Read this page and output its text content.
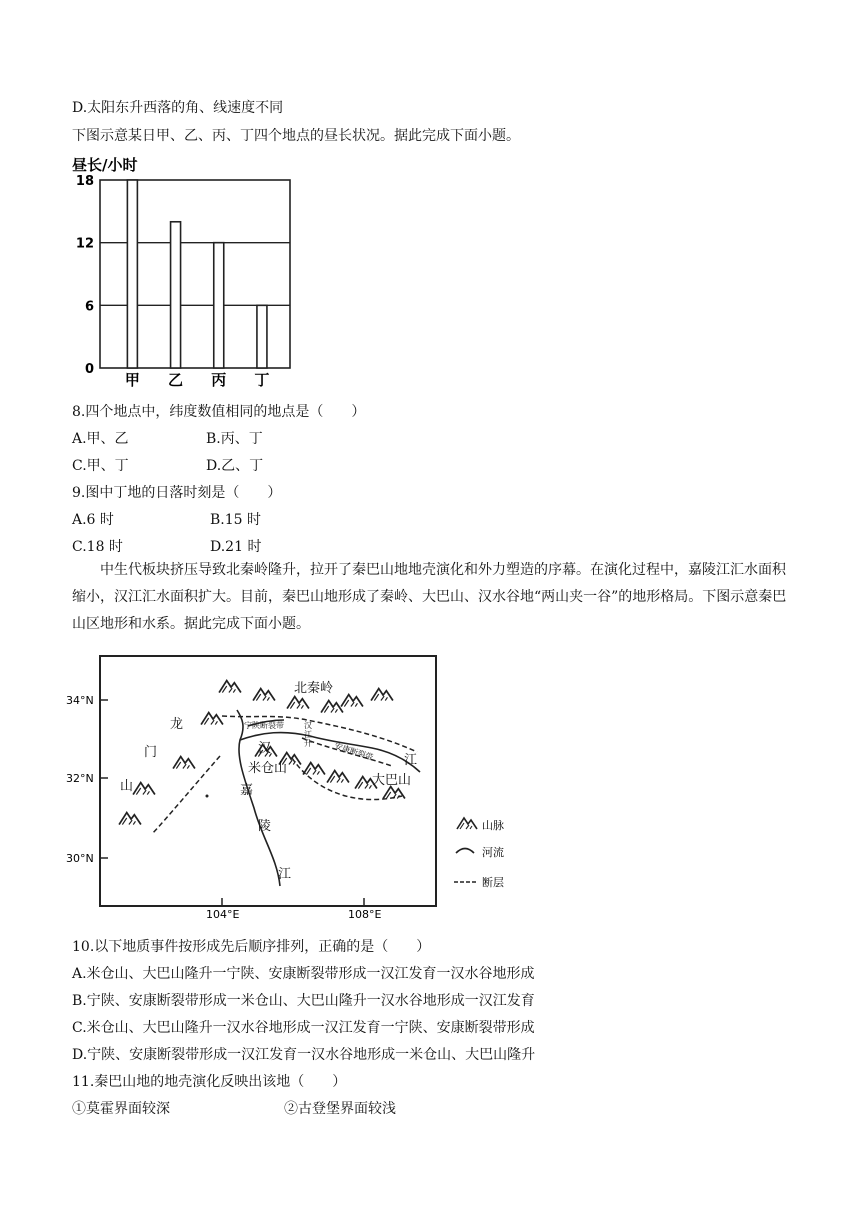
D.太阳东升西落的角、线速度不同
下图示意某日甲、乙、丙、丁四个地点的昼长状况。据此完成下面小题。
0
6
12
18
昼长/小时
甲 乙 丙 丁
8.四个地点中，纬度数值相同的地点是（　　）
A.甲、乙	B.丙、丁
C.甲、丁	D.乙、丁
9.图中丁地的日落时刻是（　　）
A.6 时	B.15 时
C.18 时	D.21 时
中生代板块挤压导致北秦岭隆升，拉开了秦巴山地地壳演化和外力塑造的序幕。在演化过程中，嘉陵江汇水面积缩小，汉江汇水面积扩大。目前，秦巴山地形成了秦岭、大巴山、汉水谷地“两山夹一谷”的地形格局。下图示意秦巴山区地形和水系。据此完成下面小题。
34°N
32°N
30°N
104°E	108°E
北秦岭
龙
门
山
汉
江
米仓山
大巴山
嘉
陵
江
宁陕断裂带
安康断裂带
汉
江
升
山脉
河流
断层
10.以下地质事件按形成先后顺序排列，正确的是（　　）
A.米仓山、大巴山隆升一宁陕、安康断裂带形成一汉江发育一汉水谷地形成
B.宁陕、安康断裂带形成一米仓山、大巴山隆升一汉水谷地形成一汉江发育
C.米仓山、大巴山隆升一汉水谷地形成一汉江发育一宁陕、安康断裂带形成
D.宁陕、安康断裂带形成一汉江发育一汉水谷地形成一米仓山、大巴山隆升
11.秦巴山地的地壳演化反映出该地（　　）
①莫霍界面较深	②古登堡界面较浅
